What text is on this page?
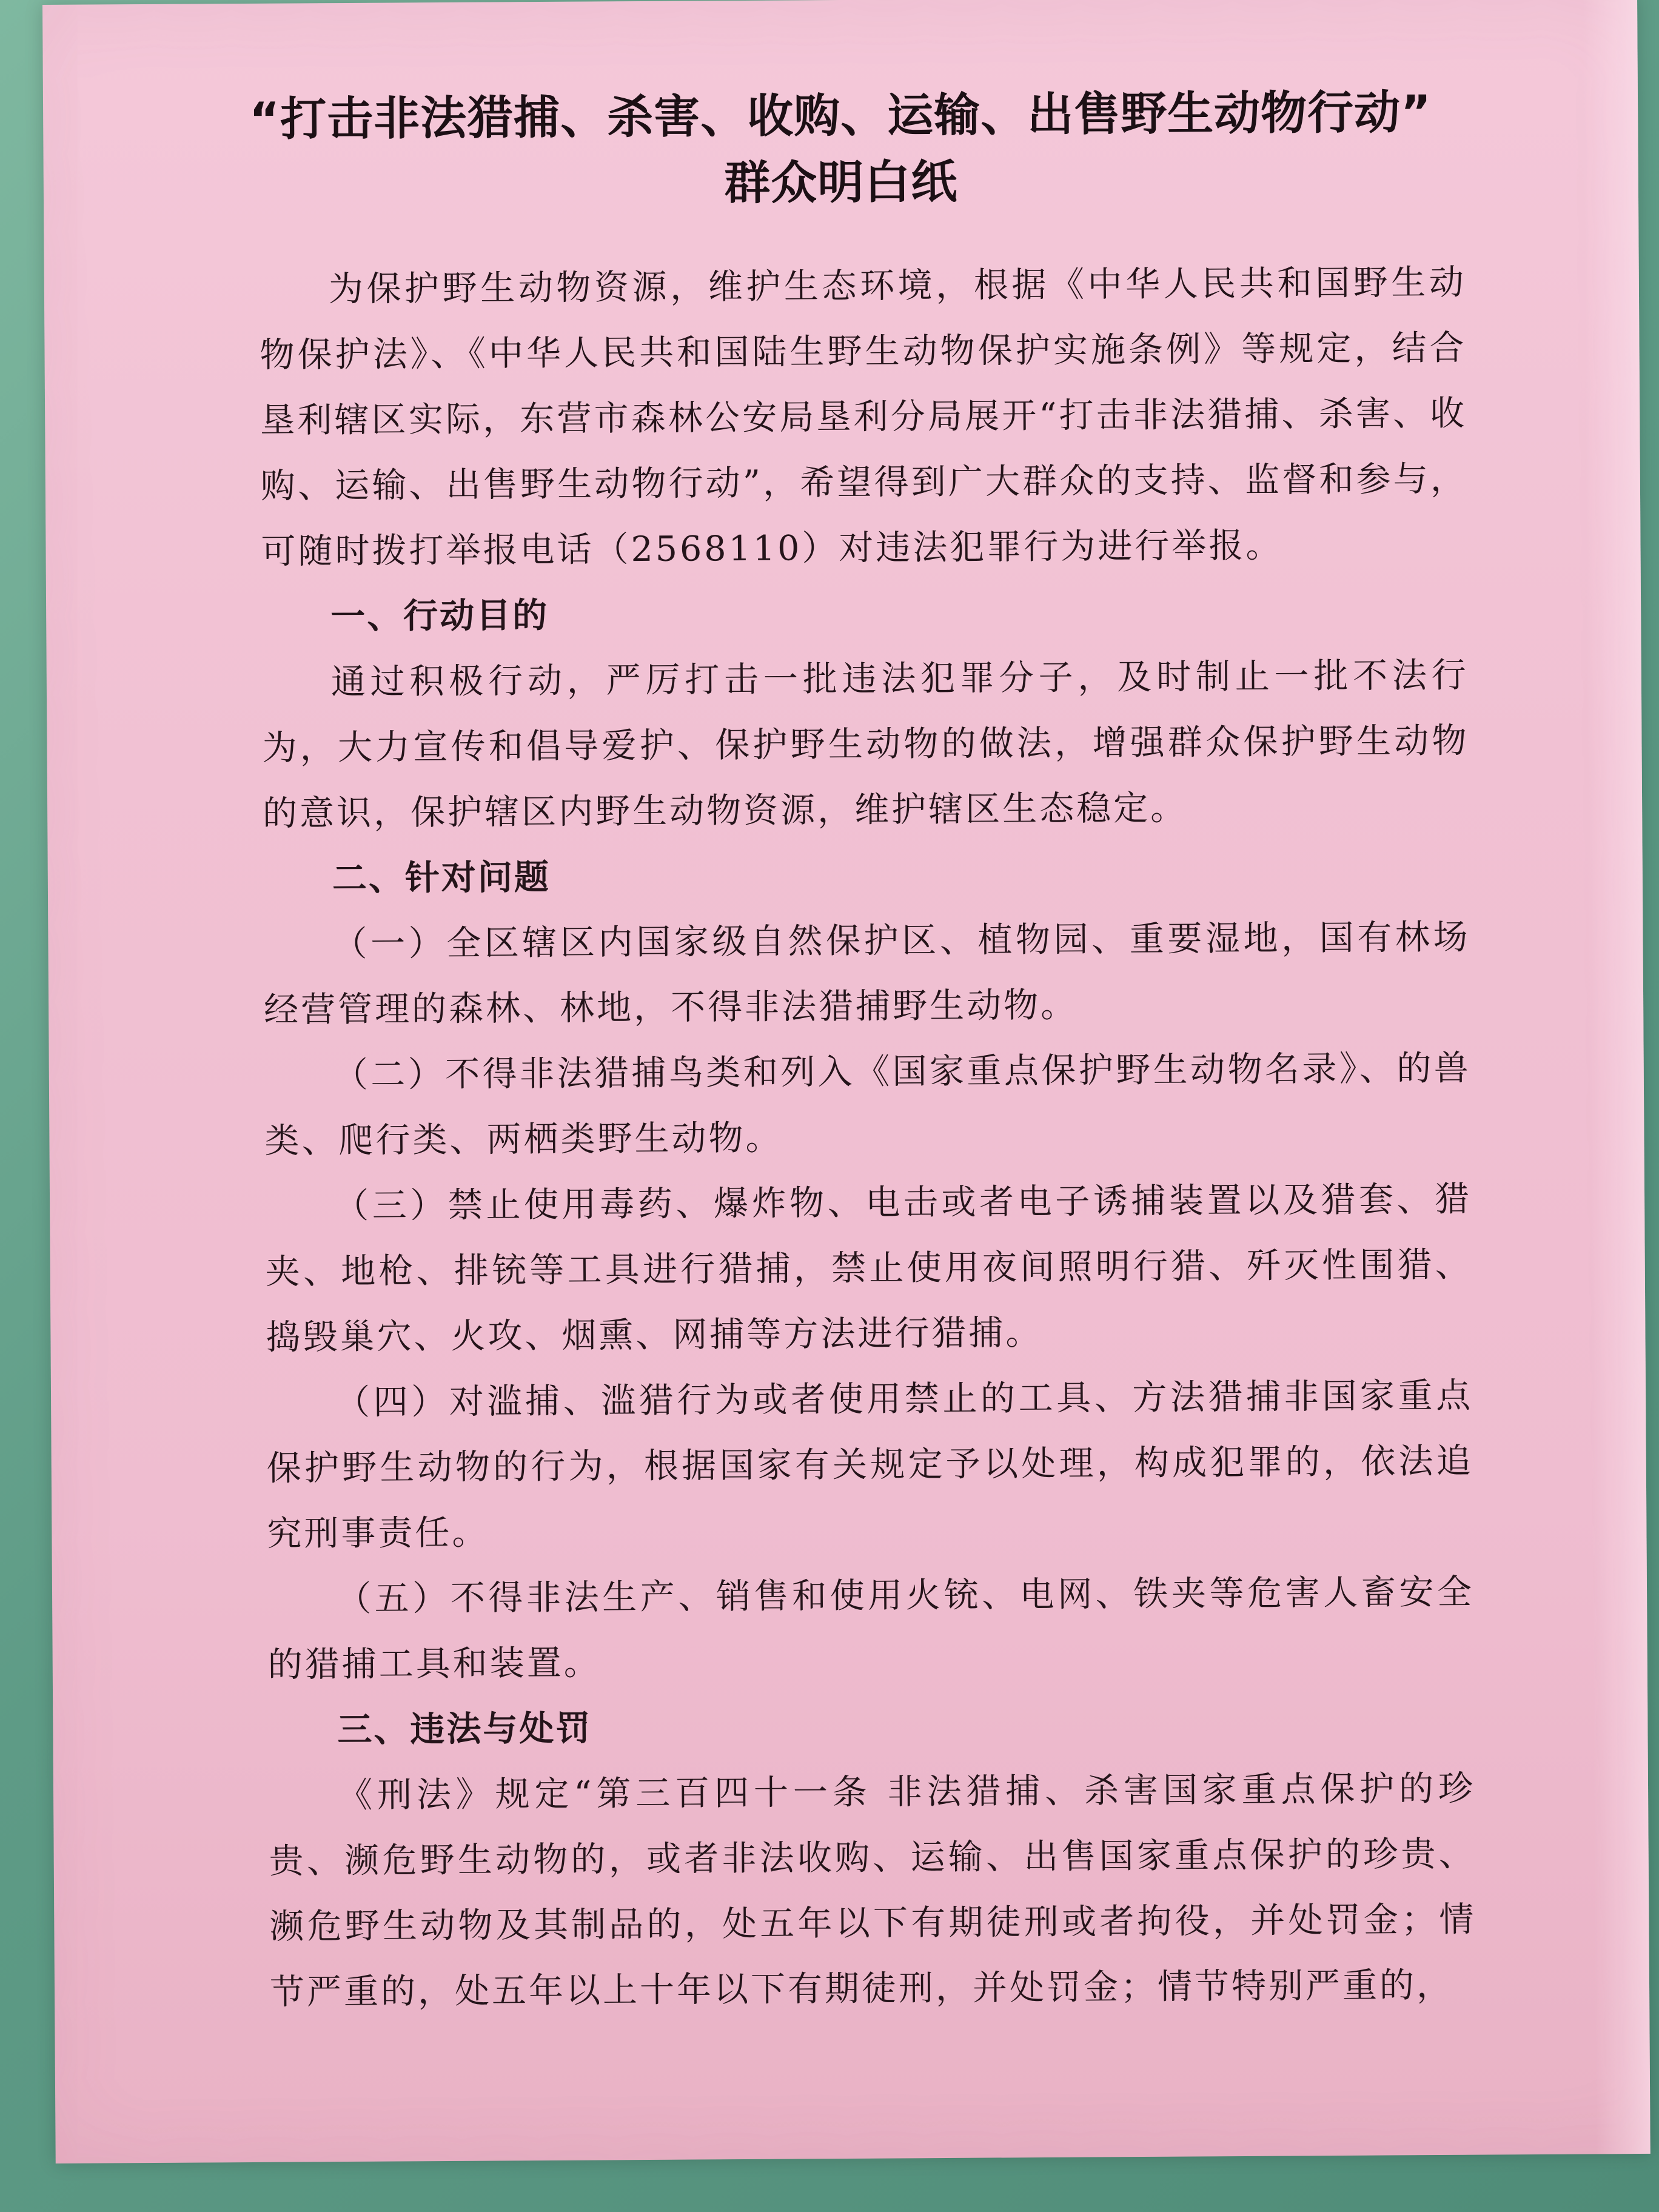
“打击非法猎捕、杀害、收购、运输、出售野生动物行动”
群众明白纸

为保护野生动物资源，维护生态环境，根据《中华人民共和国野生动物保护法》、《中华人民共和国陆生野生动物保护实施条例》等规定，结合垦利辖区实际，东营市森林公安局垦利分局展开“打击非法猎捕、杀害、收购、运输、出售野生动物行动”，希望得到广大群众的支持、监督和参与，可随时拨打举报电话（2568110）对违法犯罪行为进行举报。

一、行动目的

通过积极行动，严厉打击一批违法犯罪分子，及时制止一批不法行为，大力宣传和倡导爱护、保护野生动物的做法，增强群众保护野生动物的意识，保护辖区内野生动物资源，维护辖区生态稳定。

二、针对问题

（一）全区辖区内国家级自然保护区、植物园、重要湿地，国有林场经营管理的森林、林地，不得非法猎捕野生动物。

（二）不得非法猎捕鸟类和列入《国家重点保护野生动物名录》、的兽类、爬行类、两栖类野生动物。

（三）禁止使用毒药、爆炸物、电击或者电子诱捕装置以及猎套、猎夹、地枪、排铳等工具进行猎捕，禁止使用夜间照明行猎、歼灭性围猎、捣毁巢穴、火攻、烟熏、网捕等方法进行猎捕。

（四）对滥捕、滥猎行为或者使用禁止的工具、方法猎捕非国家重点保护野生动物的行为，根据国家有关规定予以处理，构成犯罪的，依法追究刑事责任。

（五）不得非法生产、销售和使用火铳、电网、铁夹等危害人畜安全的猎捕工具和装置。

三、违法与处罚

《刑法》规定“第三百四十一条 非法猎捕、杀害国家重点保护的珍贵、濒危野生动物的，或者非法收购、运输、出售国家重点保护的珍贵、濒危野生动物及其制品的，处五年以下有期徒刑或者拘役，并处罚金；情节严重的，处五年以上十年以下有期徒刑，并处罚金；情节特别严重的，
